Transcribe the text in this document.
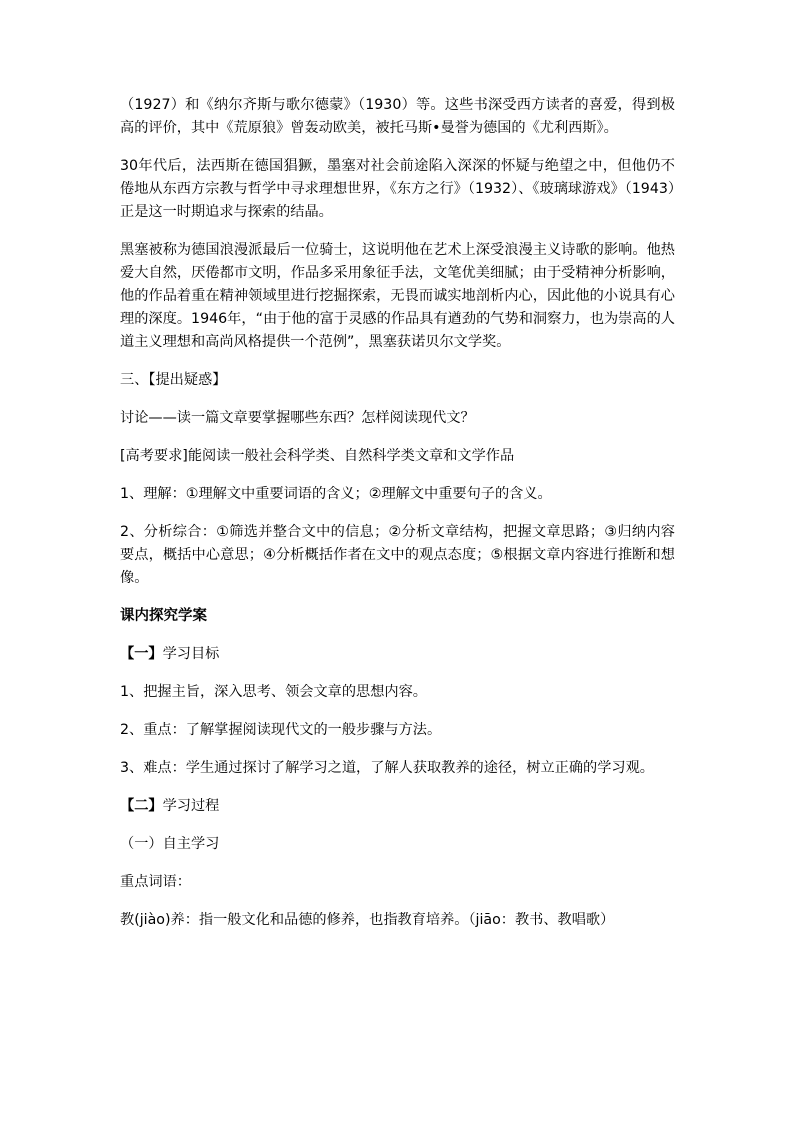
（1927）和《纳尔齐斯与歌尔德蒙》（1930）等。这些书深受西方读者的喜爱，得到极高的评价，其中《荒原狼》曾轰动欧美，被托马斯•曼誉为德国的《尤利西斯》。

30年代后，法西斯在德国猖獗，墨塞对社会前途陷入深深的怀疑与绝望之中，但他仍不倦地从东西方宗教与哲学中寻求理想世界，《东方之行》（1932）、《玻璃球游戏》（1943）正是这一时期追求与探索的结晶。

黑塞被称为德国浪漫派最后一位骑士，这说明他在艺术上深受浪漫主义诗歌的影响。他热爱大自然，厌倦都市文明，作品多采用象征手法，文笔优美细腻；由于受精神分析影响，他的作品着重在精神领域里进行挖掘探索，无畏而诚实地剖析内心，因此他的小说具有心理的深度。1946年，“由于他的富于灵感的作品具有遒劲的气势和洞察力，也为崇高的人道主义理想和高尚风格提供一个范例”，黑塞获诺贝尔文学奖。

三、【提出疑惑】

讨论——读一篇文章要掌握哪些东西？怎样阅读现代文？

[高考要求]能阅读一般社会科学类、自然科学类文章和文学作品

1、理解：①理解文中重要词语的含义；②理解文中重要句子的含义。

2、分析综合：①筛选并整合文中的信息；②分析文章结构，把握文章思路；③归纳内容要点，概括中心意思；④分析概括作者在文中的观点态度；⑤根据文章内容进行推断和想像。

课内探究学案

【一】学习目标

1、把握主旨，深入思考、领会文章的思想内容。

2、重点：了解掌握阅读现代文的一般步骤与方法。

3、难点：学生通过探讨了解学习之道，了解人获取教养的途径，树立正确的学习观。

【二】学习过程

（一）自主学习

重点词语：

教(jiào)养：指一般文化和品德的修养，也指教育培养。（jiāo：教书、教唱歌）
